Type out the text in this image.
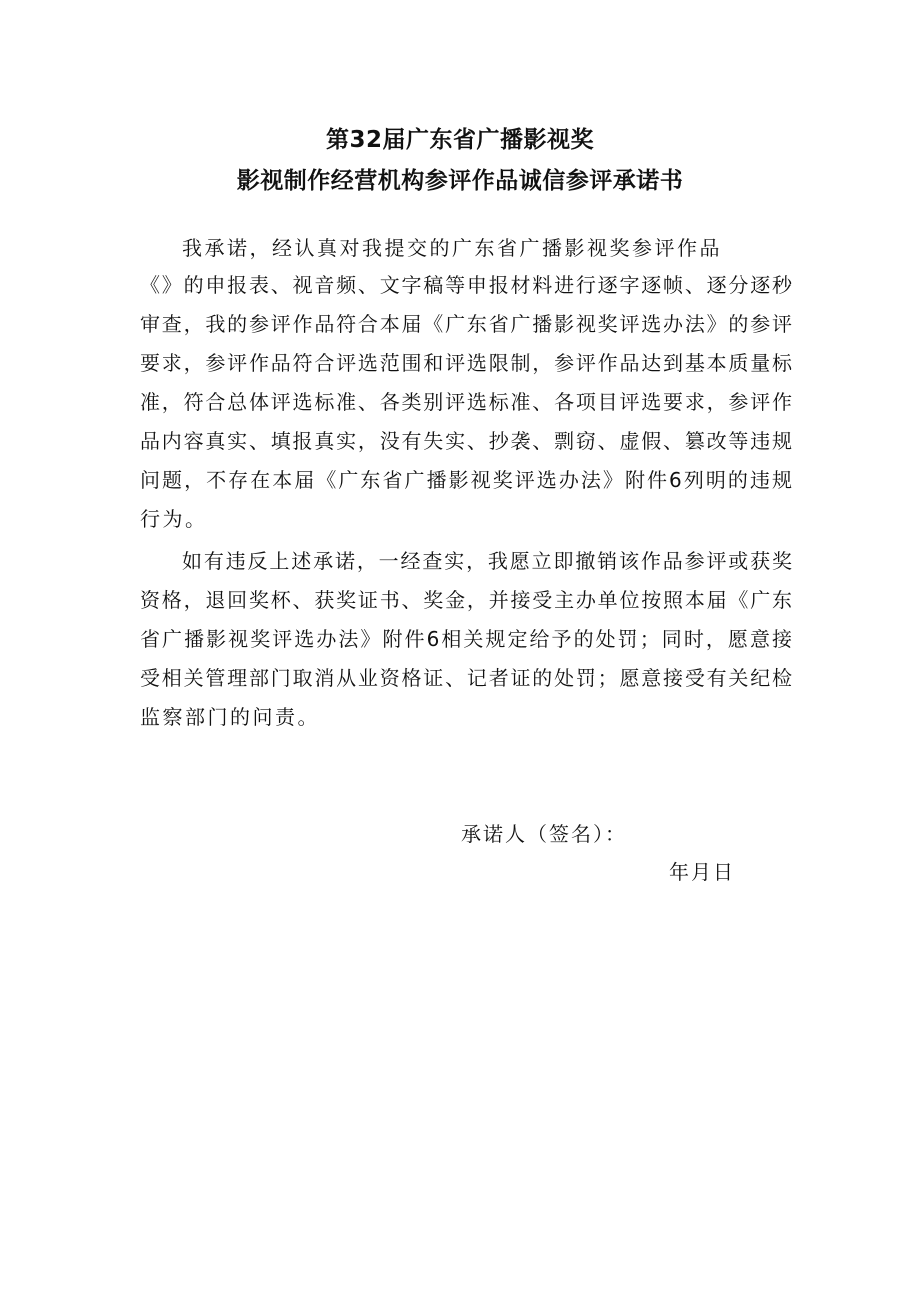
第32届广东省广播影视奖
影视制作经营机构参评作品诚信参评承诺书
我承诺，经认真对我提交的广东省广播影视奖参评作品
《》的申报表、视音频、文字稿等申报材料进行逐字逐帧、逐分逐秒
审查，我的参评作品符合本届《广东省广播影视奖评选办法》的参评
要求，参评作品符合评选范围和评选限制，参评作品达到基本质量标
准，符合总体评选标准、各类别评选标准、各项目评选要求，参评作
品内容真实、填报真实，没有失实、抄袭、剽窃、虚假、篡改等违规
问题，不存在本届《广东省广播影视奖评选办法》附件6列明的违规
行为。
如有违反上述承诺，一经查实，我愿立即撤销该作品参评或获奖
资格，退回奖杯、获奖证书、奖金，并接受主办单位按照本届《广东
省广播影视奖评选办法》附件6相关规定给予的处罚；同时，愿意接
受相关管理部门取消从业资格证、记者证的处罚；愿意接受有关纪检
监察部门的问责。
承诺人（签名）：
年月日
